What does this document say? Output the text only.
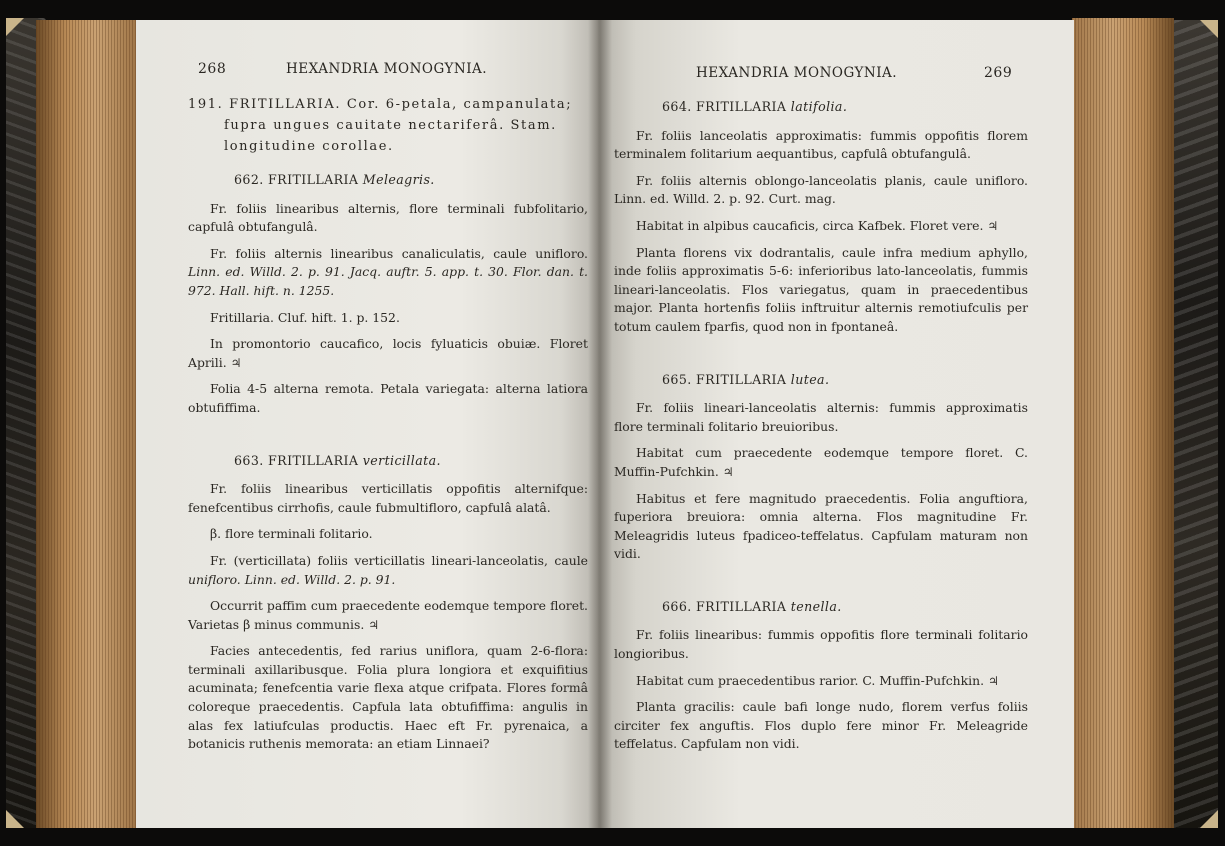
268	HEXANDRIA MONOGYNIA.

191. FRITILLARIA. Cor. 6-petala, campanulata;
fupra ungues cauitate nectariferâ. Stam.
longitudine corollae.

662. FRITILLARIA Meleagris.

Fr. foliis linearibus alternis, flore terminali fubfolitario, capfulâ obtufangulâ.

Fr. foliis alternis linearibus canaliculatis, caule unifloro. Linn. ed. Willd. 2. p. 91. Jacq. auftr. 5. app. t. 30. Flor. dan. t. 972. Hall. hift. n. 1255.

Fritillaria. Cluf. hift. 1. p. 152.

In promontorio caucafico, locis fyluaticis obuiæ. Floret Aprili. ♃

Folia 4-5 alterna remota. Petala variegata: alterna latiora obtufiffima.

663. FRITILLARIA verticillata.

Fr. foliis linearibus verticillatis oppofitis alternifque: fenefcentibus cirrhofis, caule fubmultifloro, capfulâ alatâ.

β. flore terminali folitario.

Fr. (verticillata) foliis verticillatis lineari-lanceolatis, caule unifloro. Linn. ed. Willd. 2. p. 91.

Occurrit paffim cum praecedente eodemque tempore floret. Varietas β minus communis. ♃

Facies antecedentis, fed rarius uniflora, quam 2-6-flora: terminali axillaribusque. Folia plura longiora et exquifitius acuminata; fenefcentia varie flexa atque crifpata. Flores formâ coloreque praecedentis. Capfula lata obtufiffima: angulis in alas fex latiufculas productis. Haec eft Fr. pyrenaica, a botanicis ruthenis memorata: an etiam Linnaei?

HEXANDRIA MONOGYNIA.	269
664. FRITILLARIA latifolia.

Fr. foliis lanceolatis approximatis: fummis oppofitis florem terminalem folitarium aequantibus, capfulâ obtufangulâ.

Fr. foliis alternis oblongo-lanceolatis planis, caule unifloro. Linn. ed. Willd. 2. p. 92. Curt. mag.

Habitat in alpibus caucaficis, circa Kafbek. Floret vere. ♃

Planta florens vix dodrantalis, caule infra medium aphyllo, inde foliis approximatis 5-6: inferioribus lato-lanceolatis, fummis lineari-lanceolatis. Flos variegatus, quam in praecedentibus major. Planta hortenfis foliis inftruitur alternis remotiufculis per totum caulem fparfis, quod non in fpontaneâ.

665. FRITILLARIA lutea.

Fr. foliis lineari-lanceolatis alternis: fummis approximatis flore terminali folitario breuioribus.

Habitat cum praecedente eodemque tempore floret. C. Muffin-Pufchkin. ♃

Habitus et fere magnitudo praecedentis. Folia anguftiora, fuperiora breuiora: omnia alterna. Flos magnitudine Fr. Meleagridis luteus fpadiceo-teffelatus. Capfulam maturam non vidi.

666. FRITILLARIA tenella.

Fr. foliis linearibus: fummis oppofitis flore terminali folitario longioribus.

Habitat cum praecedentibus rarior. C. Muffin-Pufchkin. ♃

Planta gracilis: caule bafi longe nudo, florem verfus foliis circiter fex anguftis. Flos duplo fere minor Fr. Meleagride teffelatus. Capfulam non vidi.
